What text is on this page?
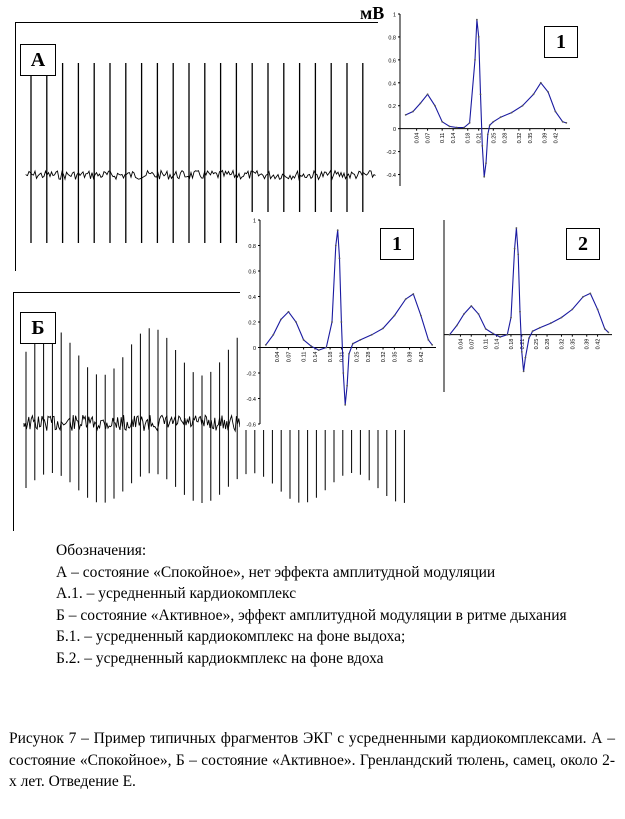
А
Б
1
0.8
0.6
0.4
0.2
0
-0.2
-0.4
0.04 0.07 0.11 0.14 0.18 0.21 0.25 0.28 0.32 0.35 0.39 0.42
мВ
1
1
0.8
0.6
0.4
0.2
0
-0.2
-0.4
-0.6
0.04 0.07 0.11 0.14 0.18 0.21 0.25 0.28 0.32 0.35 0.39 0.42
1
0.04 0.07 0.11 0.14 0.18 0.21 0.25 0.28 0.32 0.35 0.39 0.42
2
Обозначения:
А – состояние «Спокойное», нет эффекта амплитудной модуляции
А.1. – усредненный кардиокомплекс
Б – состояние «Активное», эффект амплитудной модуляции в ритме дыхания
Б.1. – усредненный кардиокомплекс на фоне выдоха;
Б.2. – усредненный кардиокмплекс на фоне вдоха
Рисунок 7 – Пример типичных фрагментов ЭКГ с усредненными кардиокомплексами. А – состояние «Спокойное», Б – состояние «Активное». Гренландский тюлень, самец, около 2-х лет. Отведение Е.
